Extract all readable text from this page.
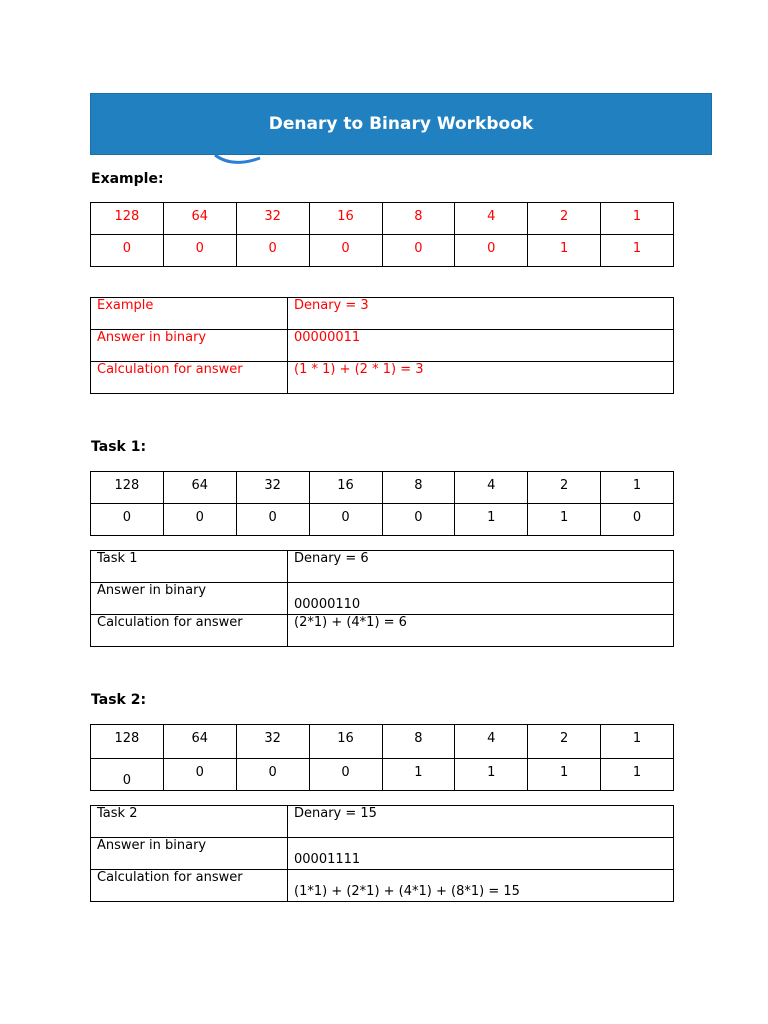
Denary to Binary Workbook
Example:
128	64	32	16	8	4	2	1
0	0	0	0	0	0	1	1
Example	Denary = 3
Answer in binary	00000011
Calculation for answer	(1 * 1) + (2 * 1) = 3
Task 1:
128	64	32	16	8	4	2	1
0	0	0	0	0	1	1	0
Task 1	Denary = 6
Answer in binary	00000110

Calculation for answer	(2*1) + (4*1) = 6
Task 2:
128	64	32	16	8	4	2	1
0	0	0	0	1	1	1	1
Task 2	Denary = 15
Answer in binary	00001111

Calculation for answer	(1*1) + (2*1) + (4*1) + (8*1) = 15
